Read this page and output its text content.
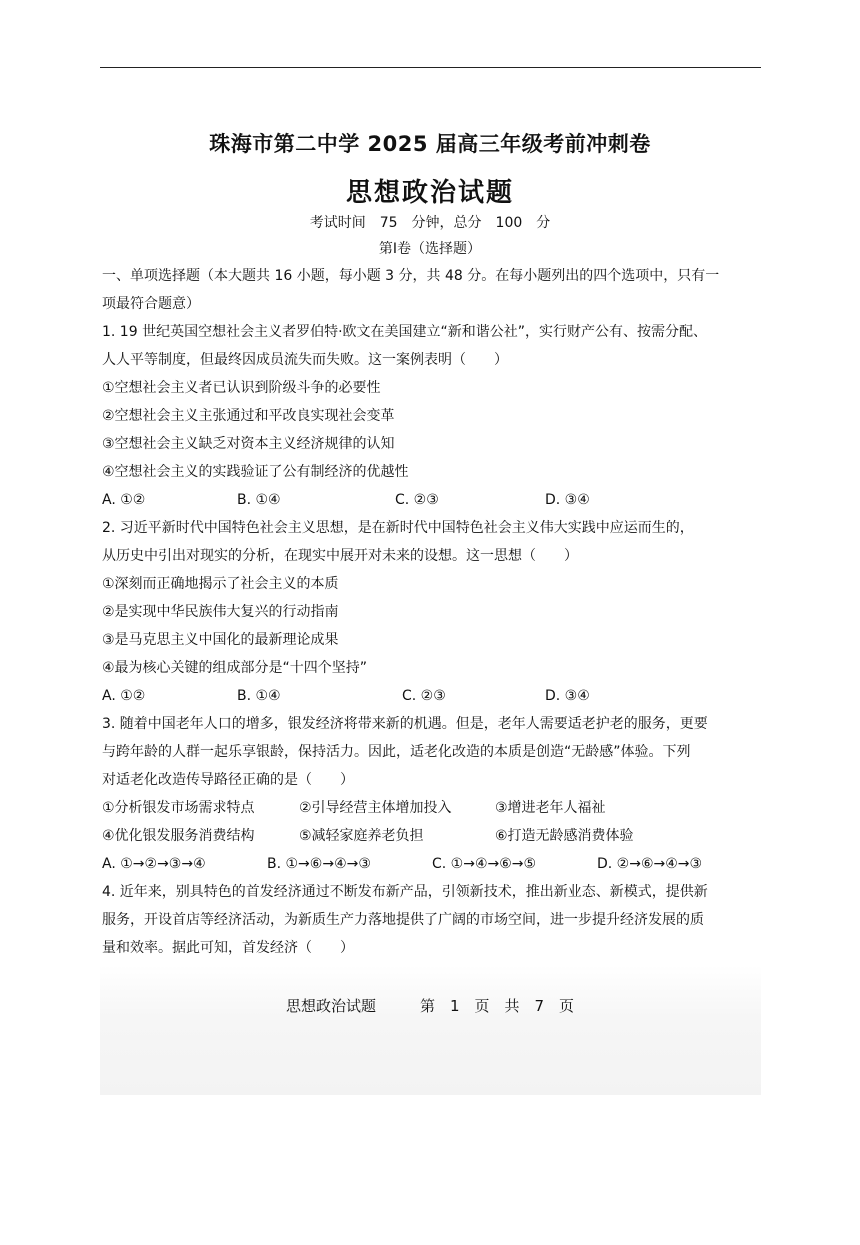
珠海市第二中学 2025 届高三年级考前冲刺卷
思想政治试题
考试时间　75　分钟，总分　100　分
第Ⅰ卷（选择题）
一、单项选择题（本大题共 16 小题，每小题 3 分，共 48 分。在每小题列出的四个选项中，只有一
项最符合题意）
1. 19 世纪英国空想社会主义者罗伯特·欧文在美国建立“新和谐公社”，实行财产公有、按需分配、
人人平等制度，但最终因成员流失而失败。这一案例表明（　　）
①空想社会主义者已认识到阶级斗争的必要性
②空想社会主义主张通过和平改良实现社会变革
③空想社会主义缺乏对资本主义经济规律的认知
④空想社会主义的实践验证了公有制经济的优越性
A. ①②	B. ①④	C. ②③	D. ③④
2. 习近平新时代中国特色社会主义思想，是在新时代中国特色社会主义伟大实践中应运而生的，
从历史中引出对现实的分析，在现实中展开对未来的设想。这一思想（　　）
①深刻而正确地揭示了社会主义的本质
②是实现中华民族伟大复兴的行动指南
③是马克思主义中国化的最新理论成果
④最为核心关键的组成部分是“十四个坚持”
A. ①②	B. ①④	C. ②③	D. ③④
3. 随着中国老年人口的增多，银发经济将带来新的机遇。但是，老年人需要适老护老的服务，更要
与跨年龄的人群一起乐享银龄，保持活力。因此，适老化改造的本质是创造“无龄感”体验。下列
对适老化改造传导路径正确的是（　　）
①分析银发市场需求特点	②引导经营主体增加投入	③增进老年人福祉
④优化银发服务消费结构	⑤减轻家庭养老负担	⑥打造无龄感消费体验
A. ①→②→③→④	B. ①→⑥→④→③	C. ①→④→⑥→⑤	D. ②→⑥→④→③
4. 近年来，别具特色的首发经济通过不断发布新产品，引领新技术，推出新业态、新模式，提供新
服务，开设首店等经济活动，为新质生产力落地提供了广阔的市场空间，进一步提升经济发展的质
量和效率。据此可知，首发经济（　　）
思想政治试题	第　1　页　共　7　页
